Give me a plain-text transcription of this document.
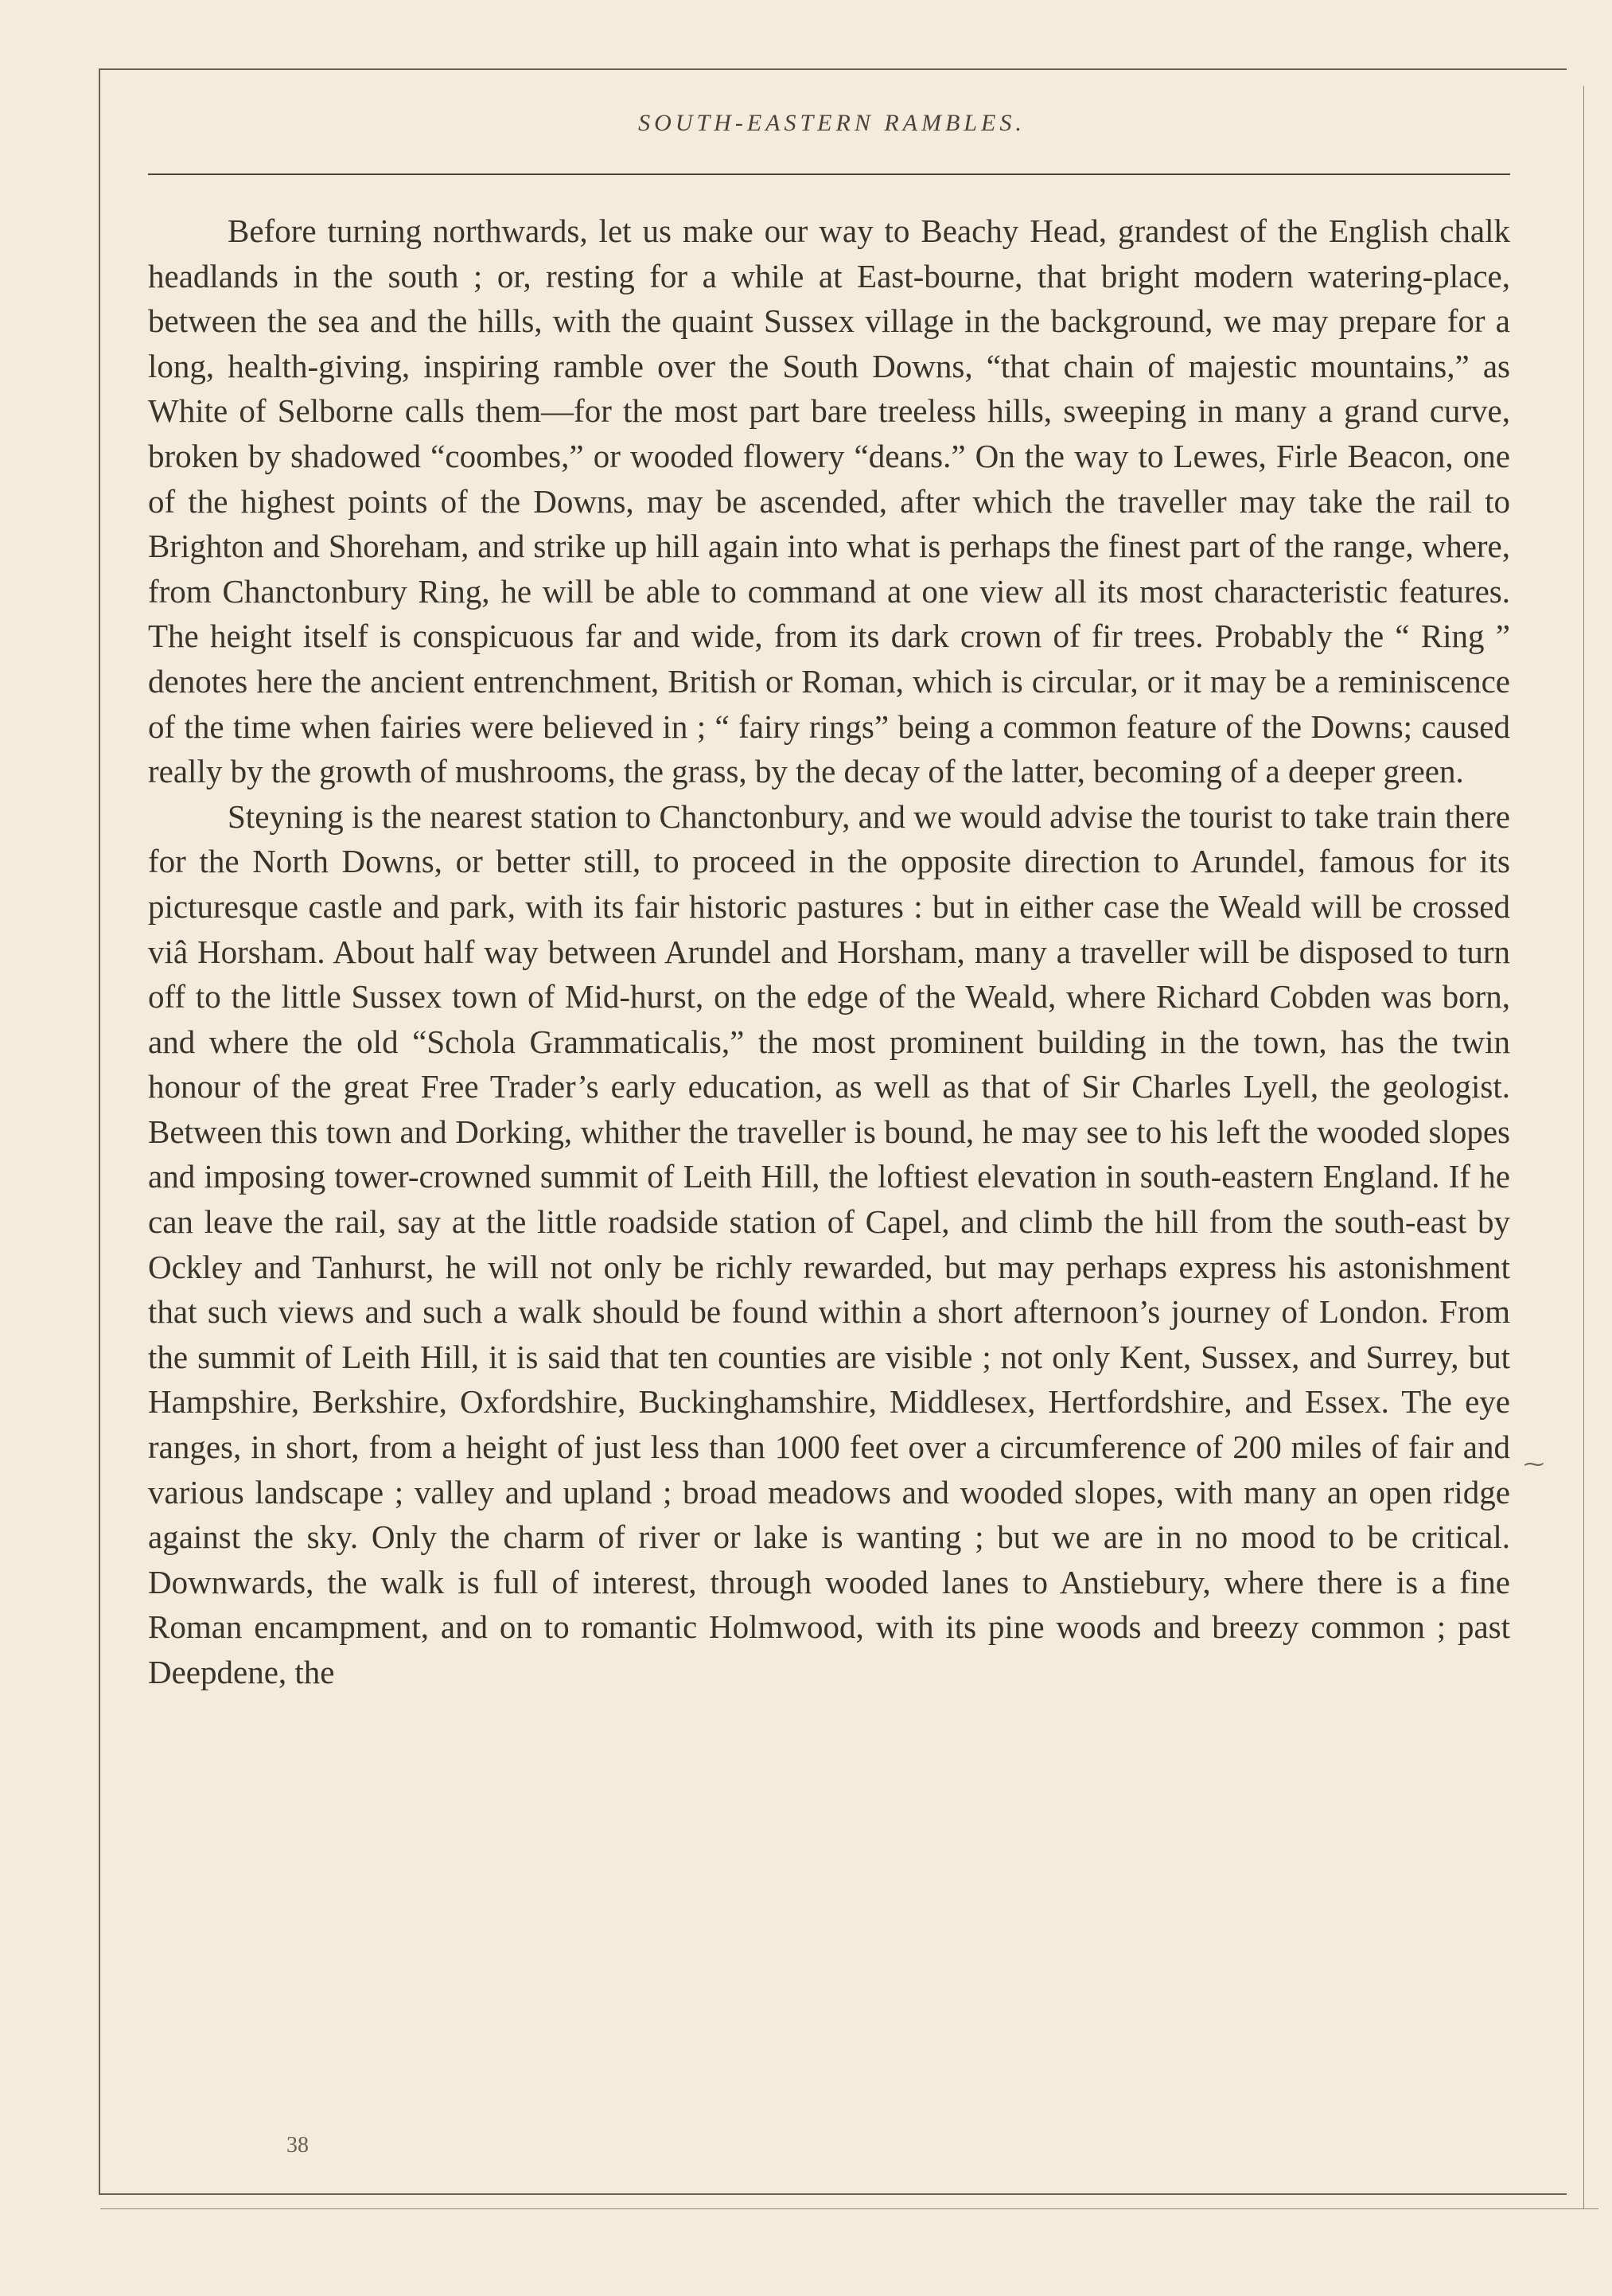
SOUTH-EASTERN RAMBLES.

Before turning northwards, let us make our way to Beachy Head, grandest of the English chalk headlands in the south ; or, resting for a while at East-bourne, that bright modern watering-place, between the sea and the hills, with the quaint Sussex village in the background, we may prepare for a long, health-giving, inspiring ramble over the South Downs, “that chain of majestic mountains,” as White of Selborne calls them—for the most part bare treeless hills, sweeping in many a grand curve, broken by shadowed “coombes,” or wooded flowery “deans.” On the way to Lewes, Firle Beacon, one of the highest points of the Downs, may be ascended, after which the traveller may take the rail to Brighton and Shoreham, and strike up hill again into what is perhaps the finest part of the range, where, from Chanctonbury Ring, he will be able to command at one view all its most characteristic features. The height itself is conspicuous far and wide, from its dark crown of fir trees. Probably the “ Ring ” denotes here the ancient entrenchment, British or Roman, which is circular, or it may be a reminiscence of the time when fairies were believed in ; “ fairy rings” being a common feature of the Downs; caused really by the growth of mushrooms, the grass, by the decay of the latter, becoming of a deeper green.

Steyning is the nearest station to Chanctonbury, and we would advise the tourist to take train there for the North Downs, or better still, to proceed in the opposite direction to Arundel, famous for its picturesque castle and park, with its fair historic pastures : but in either case the Weald will be crossed viâ Horsham. About half way between Arundel and Horsham, many a traveller will be disposed to turn off to the little Sussex town of Mid-hurst, on the edge of the Weald, where Richard Cobden was born, and where the old “Schola Grammaticalis,” the most prominent building in the town, has the twin honour of the great Free Trader’s early education, as well as that of Sir Charles Lyell, the geologist. Between this town and Dorking, whither the traveller is bound, he may see to his left the wooded slopes and imposing tower-crowned summit of Leith Hill, the loftiest elevation in south-eastern England. If he can leave the rail, say at the little roadside station of Capel, and climb the hill from the south-east by Ockley and Tanhurst, he will not only be richly rewarded, but may perhaps express his astonishment that such views and such a walk should be found within a short afternoon’s journey of London. From the summit of Leith Hill, it is said that ten counties are visible ; not only Kent, Sussex, and Surrey, but Hampshire, Berkshire, Oxfordshire, Buckinghamshire, Middlesex, Hertfordshire, and Essex. The eye ranges, in short, from a height of just less than 1000 feet over a circumference of 200 miles of fair and various landscape ; valley and upland ; broad meadows and wooded slopes, with many an open ridge against the sky. Only the charm of river or lake is wanting ; but we are in no mood to be critical. Downwards, the walk is full of interest, through wooded lanes to Anstiebury, where there is a fine Roman encampment, and on to romantic Holmwood, with its pine woods and breezy common ; past Deepdene, the

⁓
38
